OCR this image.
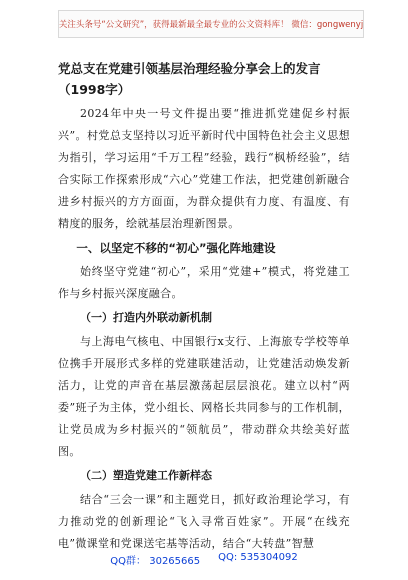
关注头条号“公文研究”，获得最新最全最专业的公文资料库！ 微信：gongwenyj
党总支在党建引领基层治理经验分享会上的发言（1998字）

2024年中央一号文件提出要“推进抓党建促乡村振兴”。村党总支坚持以习近平新时代中国特色社会主义思想为指引，学习运用“千万工程”经验，践行“枫桥经验”，结合实际工作探索形成“六心”党建工作法，把党建创新融合进乡村振兴的方方面面，为群众提供有力度、有温度、有精度的服务，绘就基层治理新图景。

一、以坚定不移的“初心”强化阵地建设

始终坚守党建“初心”，采用“党建+”模式，将党建工作与乡村振兴深度融合。

（一）打造内外联动新机制

与上海电气核电、中国银行x支行、上海旅专学校等单位携手开展形式多样的党建联建活动，让党建活动焕发新活力，让党的声音在基层激荡起层层浪花。建立以村“两委”班子为主体，党小组长、网格长共同参与的工作机制，让党员成为乡村振兴的“领航员”，带动群众共绘美好蓝图。

（二）塑造党建工作新样态

结合“三会一课”和主题党日，抓好政治理论学习，有力推动党的创新理论“飞入寻常百姓家”。开展“在线充电”微课堂和党课送宅基等活动，结合“大转盘”智慧

QQ群： 30265665 QQ: 535304092
